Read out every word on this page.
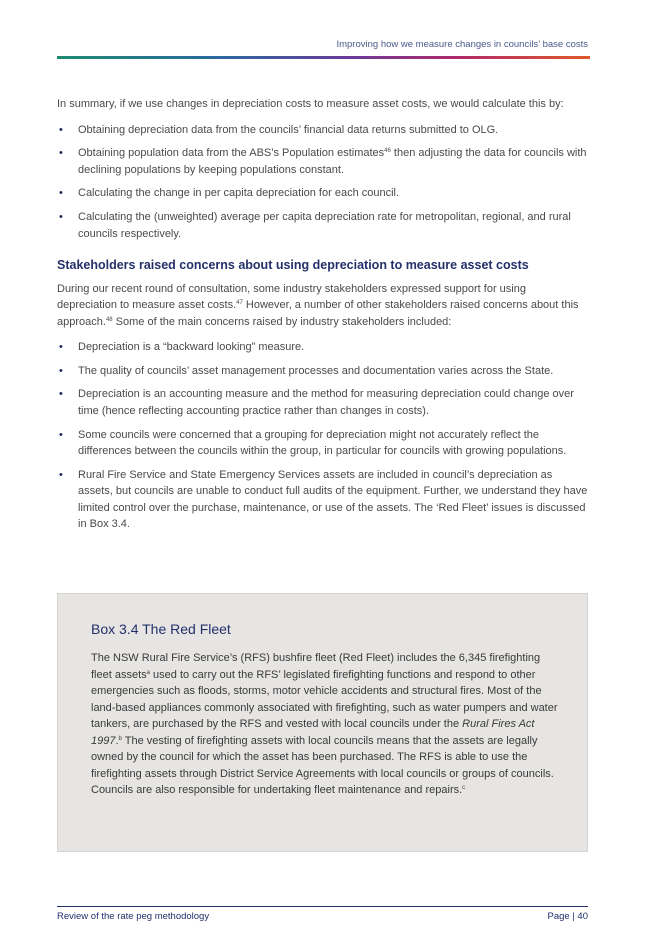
Improving how we measure changes in councils’ base costs

In summary, if we use changes in depreciation costs to measure asset costs, we would calculate this by:

• Obtaining depreciation data from the councils’ financial data returns submitted to OLG.
• Obtaining population data from the ABS’s Population estimates$^{46}$ then adjusting the data for councils with declining populations by keeping populations constant.
• Calculating the change in per capita depreciation for each council.
• Calculating the (unweighted) average per capita depreciation rate for metropolitan, regional, and rural councils respectively.
Stakeholders raised concerns about using depreciation to measure asset costs

During our recent round of consultation, some industry stakeholders expressed support for using depreciation to measure asset costs.$^{47}$ However, a number of other stakeholders raised concerns about this approach.$^{48}$ Some of the main concerns raised by industry stakeholders included:

• Depreciation is a “backward looking” measure.
• The quality of councils’ asset management processes and documentation varies across the State.
• Depreciation is an accounting measure and the method for measuring depreciation could change over time (hence reflecting accounting practice rather than changes in costs).
• Some councils were concerned that a grouping for depreciation might not accurately reflect the differences between the councils within the group, in particular for councils with growing populations.
• Rural Fire Service and State Emergency Services assets are included in council’s depreciation as assets, but councils are unable to conduct full audits of the equipment. Further, we understand they have limited control over the purchase, maintenance, or use of the assets. The ‘Red Fleet’ issues is discussed in Box 3.4.
Box 3.4 The Red Fleet

The NSW Rural Fire Service’s (RFS) bushfire fleet (Red Fleet) includes the 6,345 firefighting fleet assets$^a$ used to carry out the RFS’ legislated firefighting functions and respond to other emergencies such as floods, storms, motor vehicle accidents and structural fires. Most of the land-based appliances commonly associated with firefighting, such as water pumpers and water tankers, are purchased by the RFS and vested with local councils under the Rural Fires Act 1997.$^b$ The vesting of firefighting assets with local councils means that the assets are legally owned by the council for which the asset has been purchased. The RFS is able to use the firefighting assets through District Service Agreements with local councils or groups of councils. Councils are also responsible for undertaking fleet maintenance and repairs.$^c$

Review of the rate peg methodology	Page | 40
